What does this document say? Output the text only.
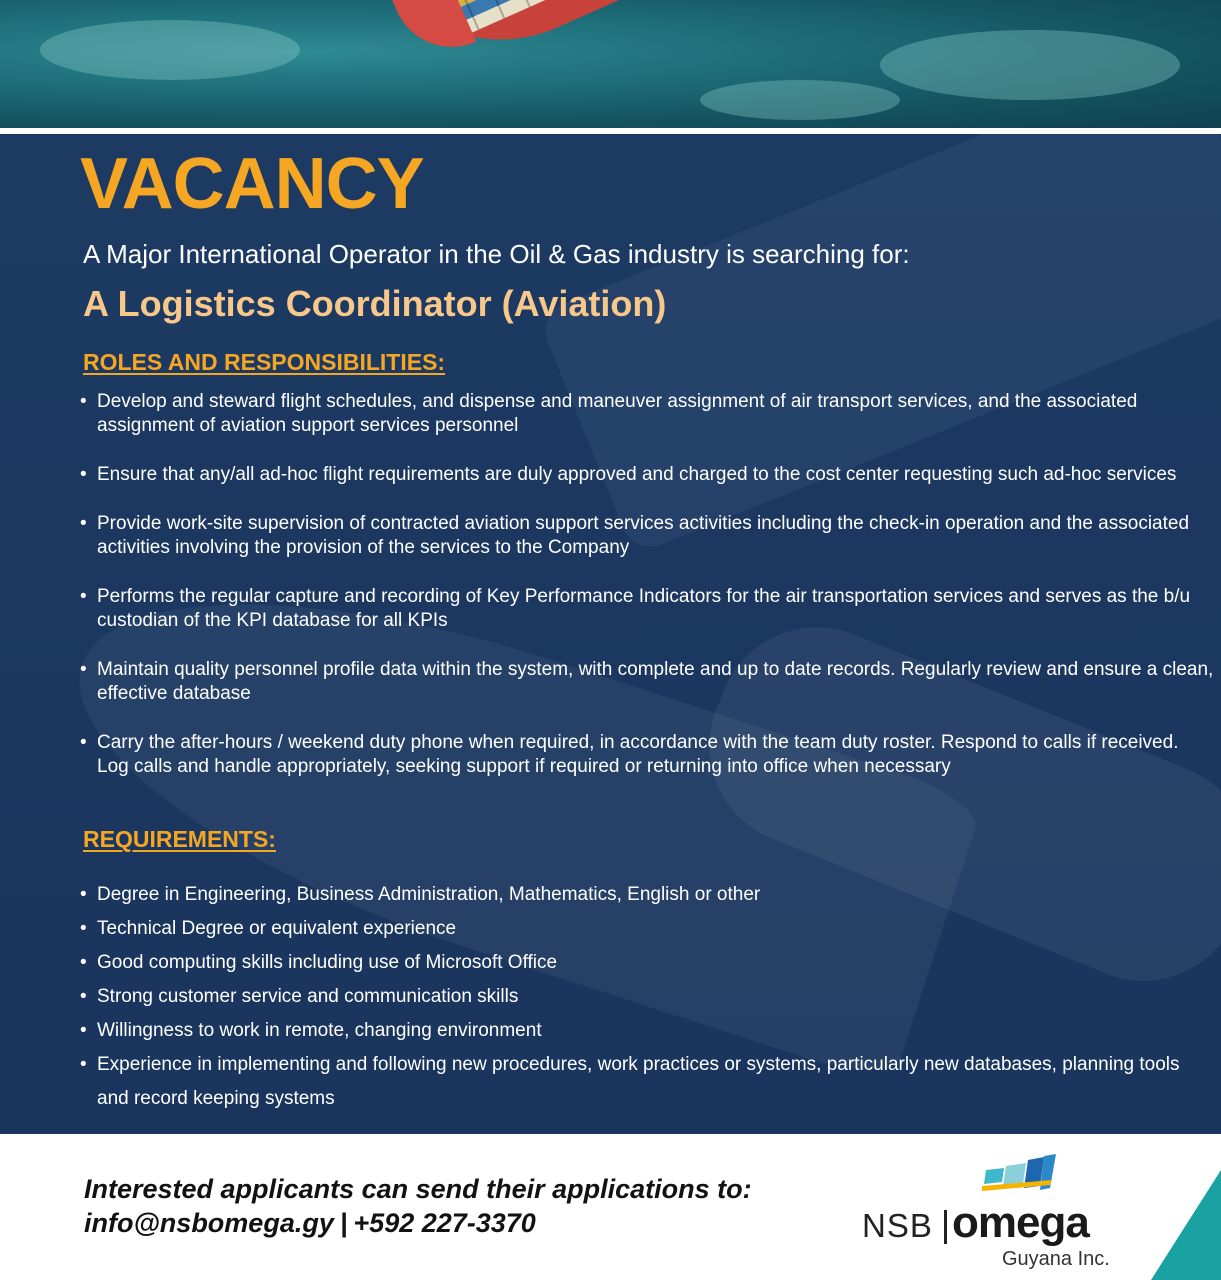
VACANCY

A Major International Operator in the Oil & Gas industry is searching for:

A Logistics Coordinator (Aviation)
ROLES AND RESPONSIBILITIES:
• Develop and steward flight schedules, and dispense and maneuver assignment of air transport services, and the associated assignment of aviation support services personnel
• Ensure that any/all ad-hoc flight requirements are duly approved and charged to the cost center requesting such ad-hoc services
• Provide work-site supervision of contracted aviation support services activities including the check-in operation and the associated activities involving the provision of the services to the Company
• Performs the regular capture and recording of Key Performance Indicators for the air transportation services and serves as the b/u custodian of the KPI database for all KPIs
• Maintain quality personnel profile data within the system, with complete and up to date records. Regularly review and ensure a clean, effective database
• Carry the after-hours / weekend duty phone when required, in accordance with the team duty roster. Respond to calls if received. Log calls and handle appropriately, seeking support if required or returning into office when necessary
REQUIREMENTS:
• Degree in Engineering, Business Administration, Mathematics, English or other
• Technical Degree or equivalent experience
• Good computing skills including use of Microsoft Office
• Strong customer service and communication skills
• Willingness to work in remote, changing environment
• Experience in implementing and following new procedures, work practices or systems, particularly new databases, planning tools and record keeping systems

Interested applicants can send their applications to:

info@nsbomega.gy | +592 227-3370	NSB omega
Guyana Inc.
